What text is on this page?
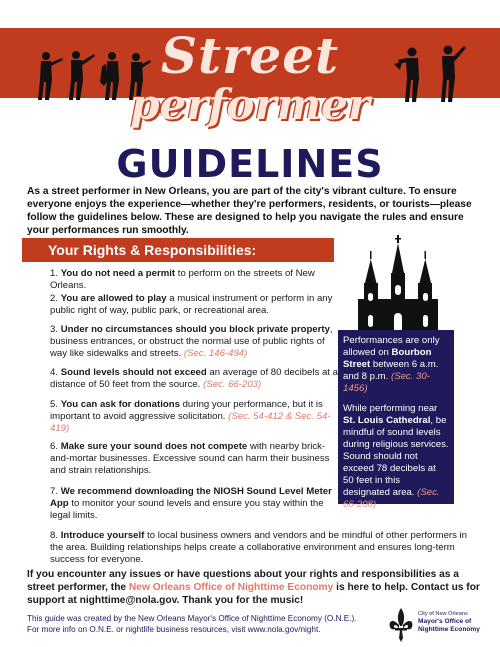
Street
performer
GUIDELINES

As a street performer in New Orleans, you are part of the city's vibrant culture. To ensure everyone enjoys the experience—whether they're performers, residents, or tourists—please follow the guidelines below. These are designed to help you navigate the rules and ensure your performances run smoothly.

Your Rights & Responsibilities:
1. You do not need a permit to perform on the streets of New Orleans.
2. You are allowed to play a musical instrument or perform in any public right of way, public park, or recreational area.
3. Under no circumstances should you block private property, business entrances, or obstruct the normal use of public rights of way like sidewalks and streets. (Sec. 146-494)
4. Sound levels should not exceed an average of 80 decibels at a distance of 50 feet from the source. (Sec. 66-203)
5. You can ask for donations during your performance, but it is important to avoid aggressive solicitation. (Sec. 54-412 & Sec. 54-419)
6. Make sure your sound does not compete with nearby brick-and-mortar businesses. Excessive sound can harm their business and strain relationships.
7. We recommend downloading the NIOSH Sound Level Meter App to monitor your sound levels and ensure you stay within the legal limits.
8. Introduce yourself to local business owners and vendors and be mindful of other performers in the area. Building relationships helps create a collaborative environment and ensures long-term success for everyone.

Performances are only allowed on Bourbon Street between 6 a.m. and 8 p.m. (Sec. 30-1456)

While performing near St. Louis Cathedral, be mindful of sound levels during religious services. Sound should not exceed 78 decibels at 50 feet in this designated area. (Sec. 66-208)

If you encounter any issues or have questions about your rights and responsibilities as a street performer, the New Orleans Office of Nighttime Economy is here to help. Contact us for support at nighttime@nola.gov. Thank you for the music!

This guide was created by the New Orleans Mayor's Office of Nighttime Economy (O.N.E.).
For more info on O.N.E. or nightlife business resources, visit www.nola.gov/night.
City of New Orleans
Mayor's Office of
Nighttime Economy
